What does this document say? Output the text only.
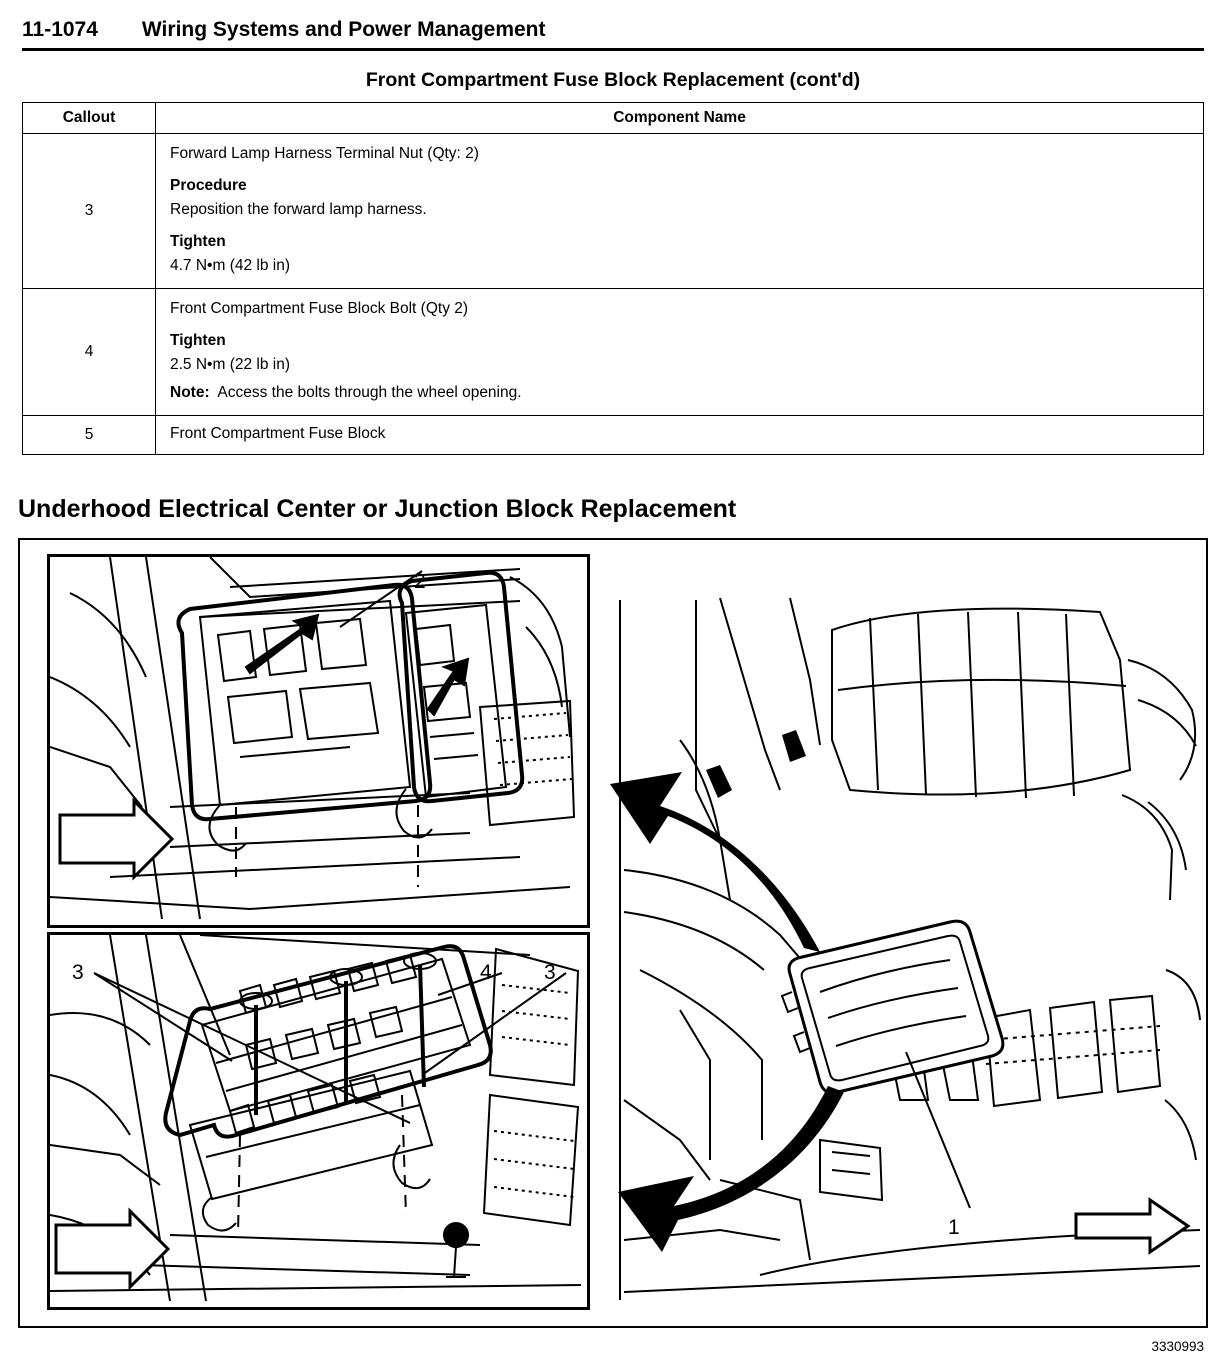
11-1074 Wiring Systems and Power Management
Front Compartment Fuse Block Replacement (cont'd)
Callout	Component Name
3	Forward Lamp Harness Terminal Nut (Qty: 2)

Procedure

Reposition the forward lamp harness.

Tighten

4.7 N•m (42 lb in)

4	Front Compartment Fuse Block Bolt (Qty 2)

Tighten

2.5 N•m (22 lb in)

Note: Access the bolts through the wheel opening.

5	Front Compartment Fuse Block

Underhood Electrical Center or Junction Block Replacement
2
3	4 3
1
3330993
